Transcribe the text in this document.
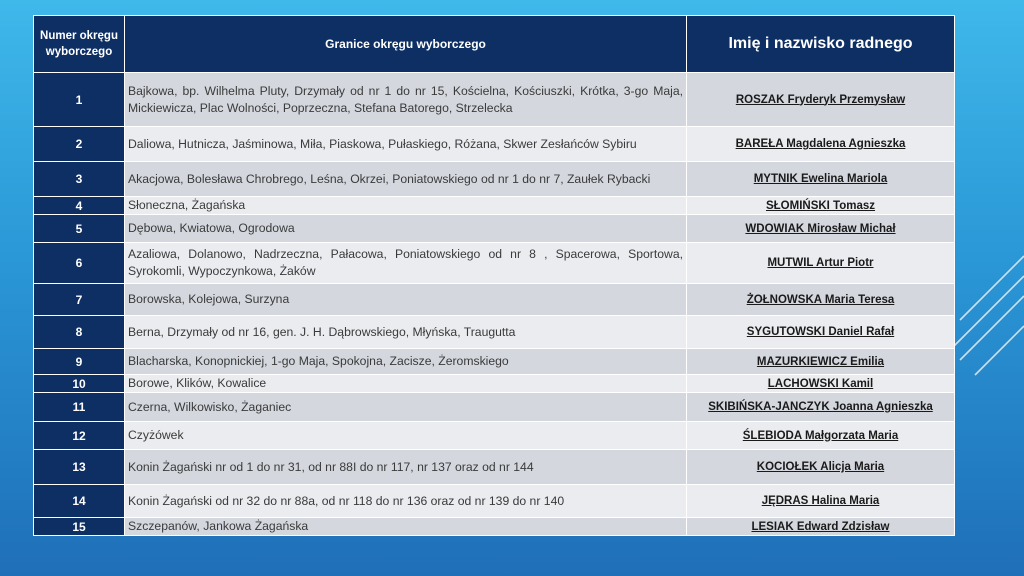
Numer okręgu wyborczego	Granice okręgu wyborczego	Imię i nazwisko radnego
1	Bajkowa, bp. Wilhelma Pluty, Drzymały od nr 1 do nr 15, Kościelna, Kościuszki, Krótka, 3-go Maja, Mickiewicza, Plac Wolności, Poprzeczna, Stefana Batorego, Strzelecka	ROSZAK Fryderyk Przemysław
2	Daliowa, Hutnicza, Jaśminowa, Miła, Piaskowa, Pułaskiego, Różana, Skwer Zesłańców Sybiru	BAREŁA Magdalena Agnieszka
3	Akacjowa, Bolesława Chrobrego, Leśna, Okrzei, Poniatowskiego od nr 1 do nr 7, Zaułek Rybacki	MYTNIK Ewelina Mariola
4	Słoneczna, Żagańska	SŁOMIŃSKI Tomasz
5	Dębowa, Kwiatowa, Ogrodowa	WDOWIAK Mirosław Michał
6	Azaliowa, Dolanowo, Nadrzeczna, Pałacowa, Poniatowskiego od nr 8 , Spacerowa, Sportowa, Syrokomli, Wypoczynkowa, Żaków	MUTWIL Artur Piotr
7	Borowska, Kolejowa, Surzyna	ŻOŁNOWSKA Maria Teresa
8	Berna, Drzymały od nr 16, gen. J. H. Dąbrowskiego, Młyńska, Traugutta	SYGUTOWSKI Daniel Rafał
9	Blacharska, Konopnickiej, 1-go Maja, Spokojna, Zacisze, Żeromskiego	MAZURKIEWICZ Emilia
10	Borowe, Klików, Kowalice	LACHOWSKI Kamil
11	Czerna, Wilkowisko, Żaganiec	SKIBIŃSKA-JANCZYK Joanna Agnieszka
12	Czyżówek	ŚLEBIODA Małgorzata Maria
13	Konin Żagański nr od 1 do nr 31, od nr 88I do nr 117, nr 137 oraz od nr 144	KOCIOŁEK Alicja Maria
14	Konin Żagański od nr 32 do nr 88a, od nr 118 do nr 136 oraz od nr 139 do nr 140	JĘDRAS Halina Maria
15	Szczepanów, Jankowa Żagańska	LESIAK Edward Zdzisław
